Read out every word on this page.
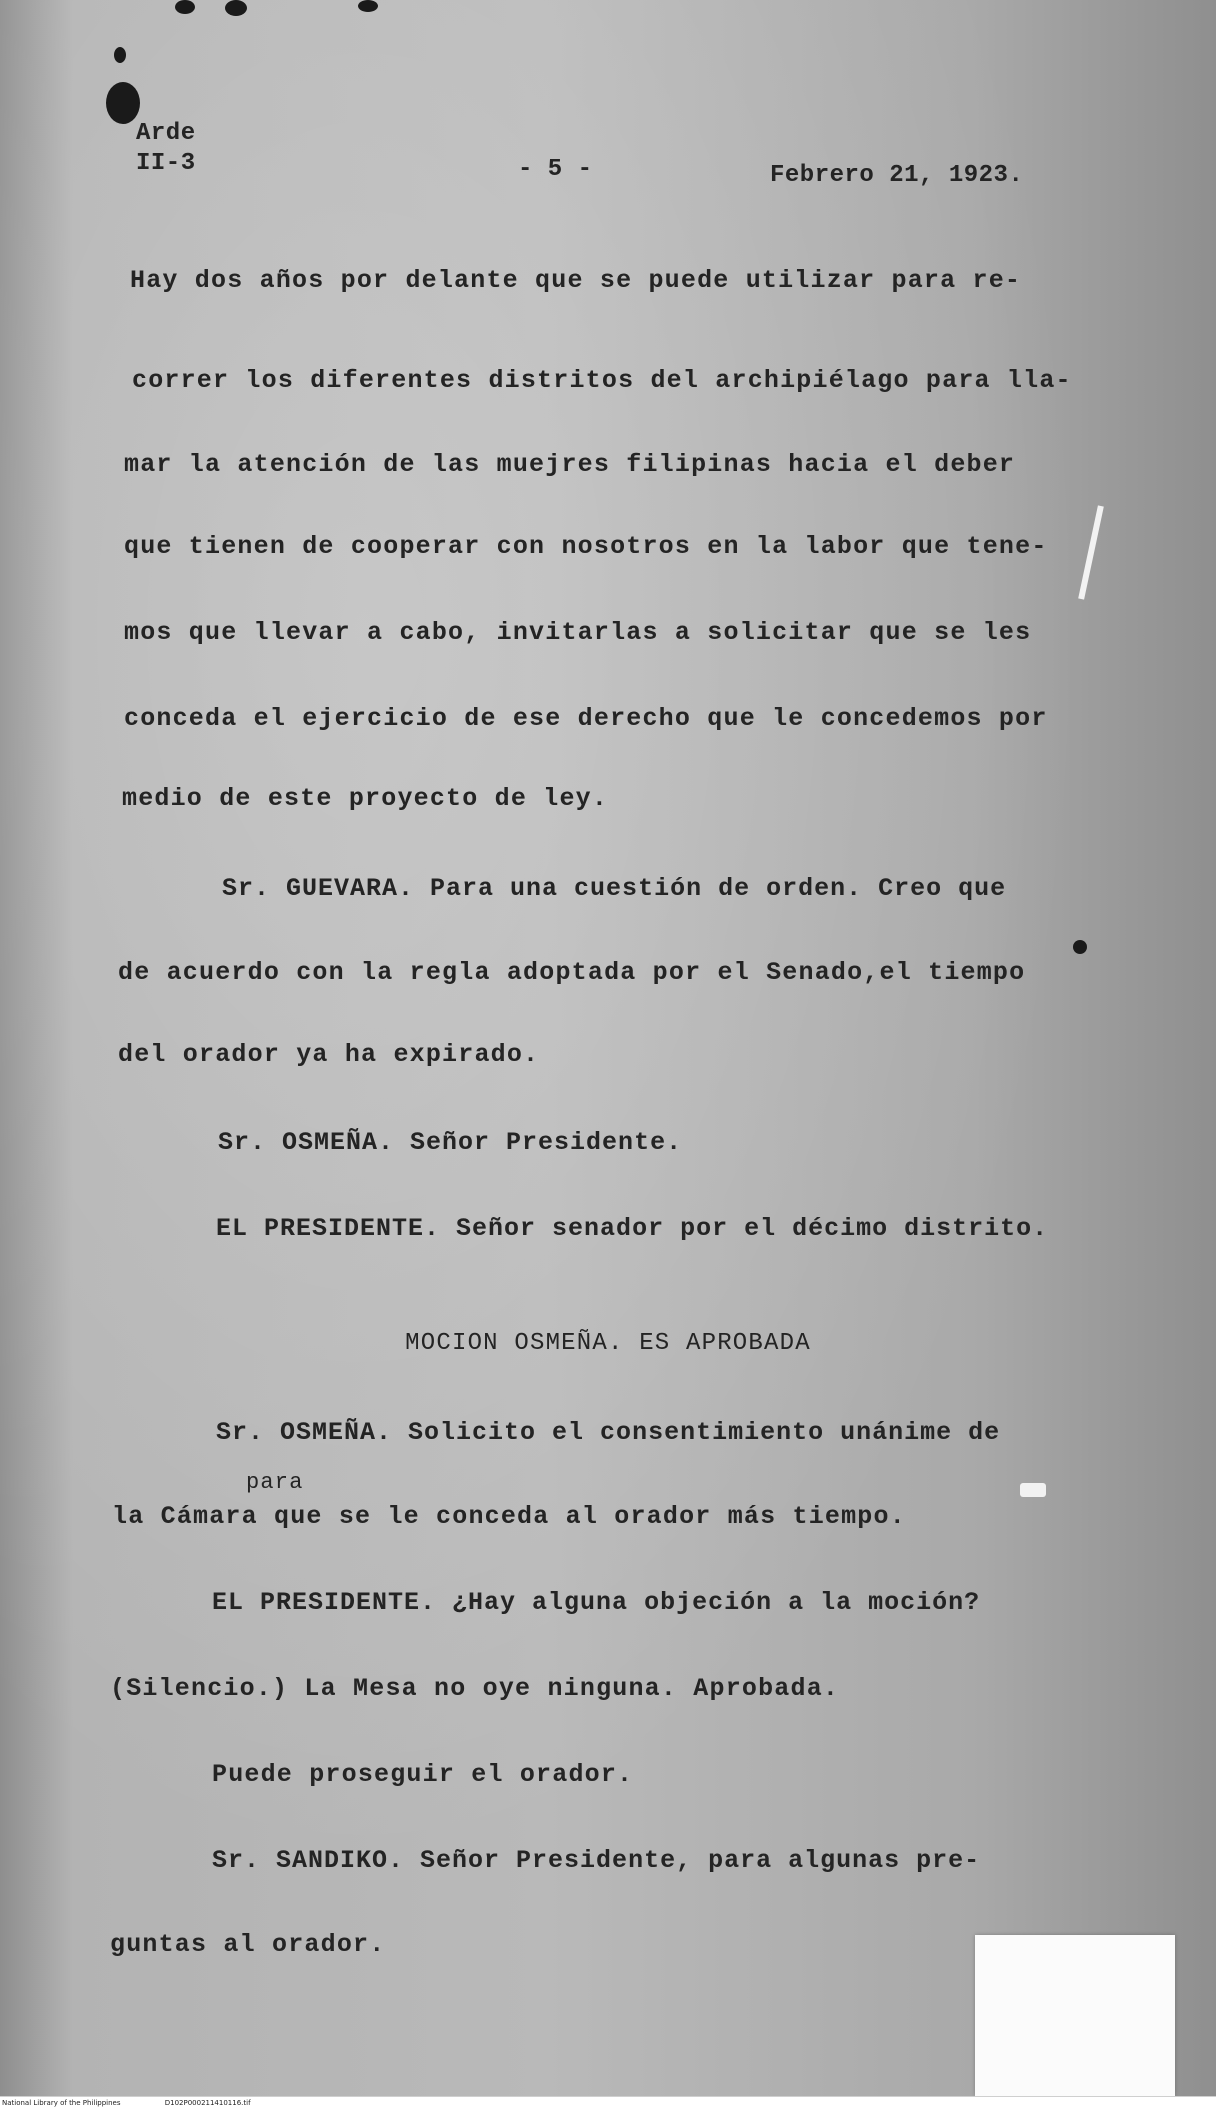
Arde
II-3	- 5 -	Febrero 21, 1923.
Hay dos años por delante que se puede utilizar para re-
correr los diferentes distritos del archipiélago para lla-
mar la atención de las muejres filipinas hacia el deber
que tienen de cooperar con nosotros en la labor que tene-
mos que llevar a cabo, invitarlas a solicitar que se les
conceda el ejercicio de ese derecho que le concedemos por
medio de este proyecto de ley.
Sr. GUEVARA. Para una cuestión de orden. Creo que
de acuerdo con la regla adoptada por el Senado,el tiempo
del orador ya ha expirado.
Sr. OSMEÑA. Señor Presidente.
EL PRESIDENTE. Señor senador por el décimo distrito.
MOCION OSMEÑA. ES APROBADA
Sr. OSMEÑA. Solicito el consentimiento unánime de
para
la Cámara que se le conceda al orador más tiempo.
EL PRESIDENTE. ¿Hay alguna objeción a la moción?
(Silencio.) La Mesa no oye ninguna. Aprobada.
Puede proseguir el orador.
Sr. SANDIKO. Señor Presidente, para algunas pre-
guntas al orador.
National Library of the Philippines	D102P000211410116.tif
